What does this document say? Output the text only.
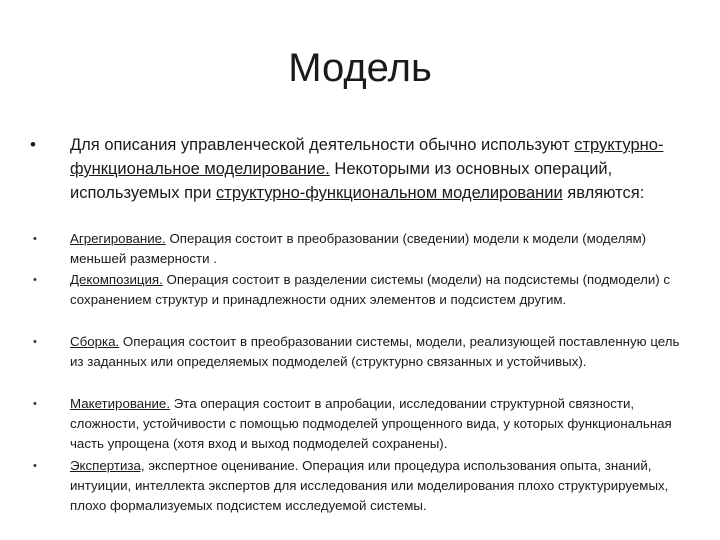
Модель
• Для описания управленческой деятельности обычно используют структурно-функциональное моделирование. Некоторыми из основных операций, используемых при структурно-функциональном моделировании являются:
• Агрегирование. Операция состоит в преобразовании (сведении) модели к модели (моделям) меньшей размерности .
• Декомпозиция. Операция состоит в разделении системы (модели) на подсистемы (подмодели) с сохранением структур и принадлежности одних элементов и подсистем другим.
• Сборка. Операция состоит в преобразовании системы, модели, реализующей поставленную цель из заданных или определяемых подмоделей (структурно связанных и устойчивых).
• Макетирование. Эта операция состоит в апробации, исследовании структурной связности, сложности, устойчивости с помощью подмоделей упрощенного вида, у которых функциональная часть упрощена (хотя вход и выход подмоделей сохранены).
• Экспертиза, экспертное оценивание. Операция или процедура использования опыта, знаний, интуиции, интеллекта экспертов для исследования или моделирования плохо структурируемых, плохо формализуемых подсистем исследуемой системы.
